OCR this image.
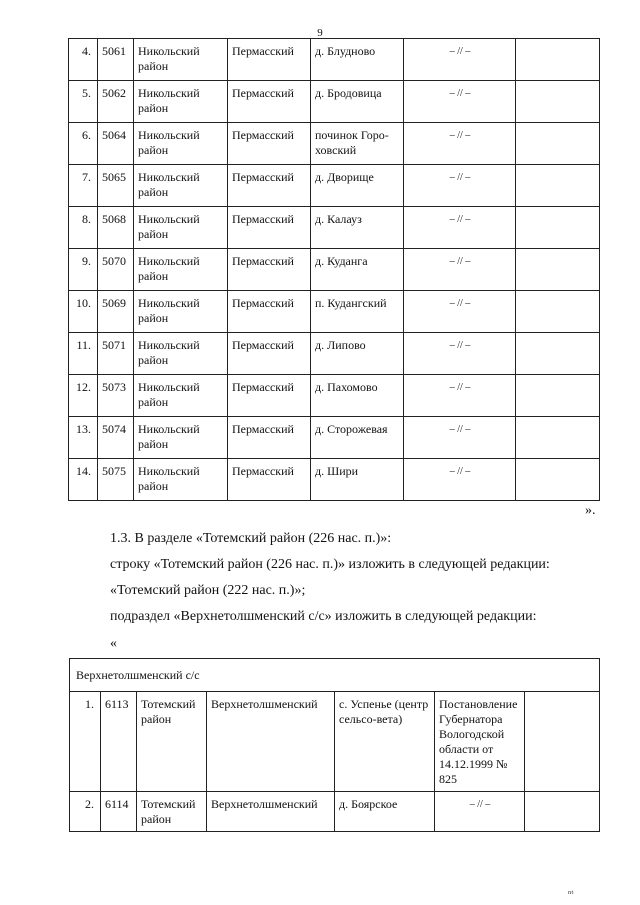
9
4.	5061	Никольский район	Пермасский	д. Блудново	– // –	
5.	5062	Никольский район	Пермасский	д. Бродовица	– // –	
6.	5064	Никольский район	Пермасский	починок Горо-ховский	– // –	
7.	5065	Никольский район	Пермасский	д. Дворище	– // –	
8.	5068	Никольский район	Пермасский	д. Калауз	– // –	
9.	5070	Никольский район	Пермасский	д. Куданга	– // –	
10.	5069	Никольский район	Пермасский	п. Кудангский	– // –	
11.	5071	Никольский район	Пермасский	д. Липово	– // –	
12.	5073	Никольский район	Пермасский	д. Пахомово	– // –	
13.	5074	Никольский район	Пермасский	д. Сторожевая	– // –	
14.	5075	Никольский район	Пермасский	д. Шири	– // –	
».
1.3. В разделе «Тотемский район (226 нас. п.)»:
строку «Тотемский район (226 нас. п.)» изложить в следующей редакции:
«Тотемский район (222 нас. п.)»;
подраздел «Верхнетолшменский с/с» изложить в следующей редакции:
«
Верхнетолшменский с/с						
1.	6113	Тотемский район	Верхнетолшменский	с. Успенье (центр сельсо-вета)	Постановление Губернатора Вологодской области от 14.12.1999 № 825	
2.	6114	Тотемский район	Верхнетолшменский	д. Боярское	– // –	
n⁄ı
